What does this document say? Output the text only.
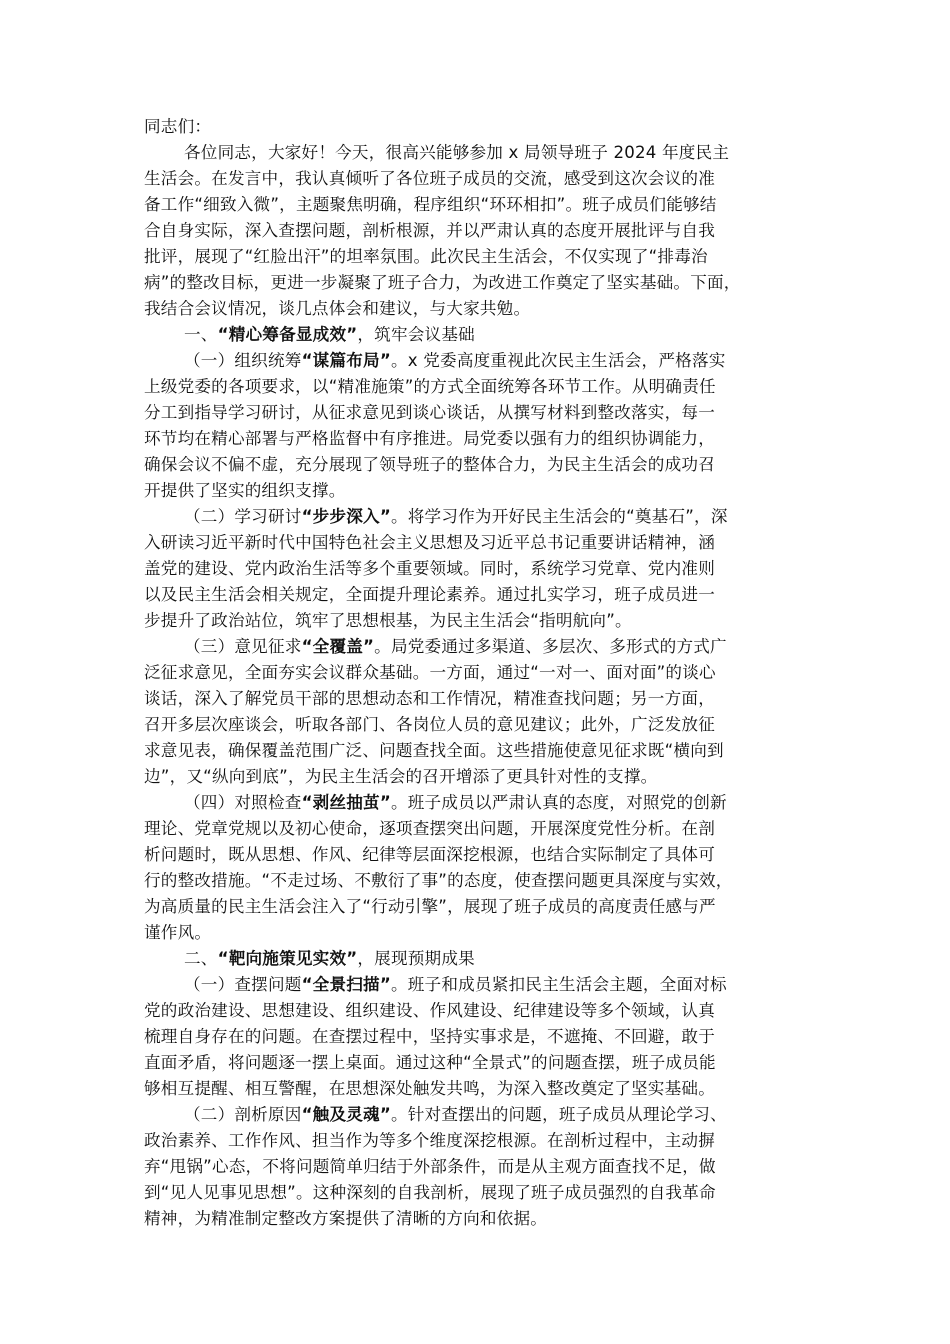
同志们：
各位同志，大家好！今天，很高兴能够参加 x 局领导班子 2024 年度民主
生活会。在发言中，我认真倾听了各位班子成员的交流，感受到这次会议的准
备工作“细致入微”，主题聚焦明确，程序组织“环环相扣”。班子成员们能够结
合自身实际，深入查摆问题，剖析根源，并以严肃认真的态度开展批评与自我
批评，展现了“红脸出汗”的坦率氛围。此次民主生活会，不仅实现了“排毒治
病”的整改目标，更进一步凝聚了班子合力，为改进工作奠定了坚实基础。下面，
我结合会议情况，谈几点体会和建议，与大家共勉。
一、“精心筹备显成效”，筑牢会议基础
（一）组织统筹“谋篇布局”。x 党委高度重视此次民主生活会，严格落实
上级党委的各项要求，以“精准施策”的方式全面统筹各环节工作。从明确责任
分工到指导学习研讨，从征求意见到谈心谈话，从撰写材料到整改落实，每一
环节均在精心部署与严格监督中有序推进。局党委以强有力的组织协调能力，
确保会议不偏不虚，充分展现了领导班子的整体合力，为民主生活会的成功召
开提供了坚实的组织支撑。
（二）学习研讨“步步深入”。将学习作为开好民主生活会的“奠基石”，深
入研读习近平新时代中国特色社会主义思想及习近平总书记重要讲话精神，涵
盖党的建设、党内政治生活等多个重要领域。同时，系统学习党章、党内准则
以及民主生活会相关规定，全面提升理论素养。通过扎实学习，班子成员进一
步提升了政治站位，筑牢了思想根基，为民主生活会“指明航向”。
（三）意见征求“全覆盖”。局党委通过多渠道、多层次、多形式的方式广
泛征求意见，全面夯实会议群众基础。一方面，通过“一对一、面对面”的谈心
谈话，深入了解党员干部的思想动态和工作情况，精准查找问题；另一方面，
召开多层次座谈会，听取各部门、各岗位人员的意见建议；此外，广泛发放征
求意见表，确保覆盖范围广泛、问题查找全面。这些措施使意见征求既“横向到
边”，又“纵向到底”，为民主生活会的召开增添了更具针对性的支撑。
（四）对照检查“剥丝抽茧”。班子成员以严肃认真的态度，对照党的创新
理论、党章党规以及初心使命，逐项查摆突出问题，开展深度党性分析。在剖
析问题时，既从思想、作风、纪律等层面深挖根源，也结合实际制定了具体可
行的整改措施。“不走过场、不敷衍了事”的态度，使查摆问题更具深度与实效，
为高质量的民主生活会注入了“行动引擎”，展现了班子成员的高度责任感与严
谨作风。
二、“靶向施策见实效”，展现预期成果
（一）查摆问题“全景扫描”。班子和成员紧扣民主生活会主题，全面对标
党的政治建设、思想建设、组织建设、作风建设、纪律建设等多个领域，认真
梳理自身存在的问题。在查摆过程中，坚持实事求是，不遮掩、不回避，敢于
直面矛盾，将问题逐一摆上桌面。通过这种“全景式”的问题查摆，班子成员能
够相互提醒、相互警醒，在思想深处触发共鸣，为深入整改奠定了坚实基础。
（二）剖析原因“触及灵魂”。针对查摆出的问题，班子成员从理论学习、
政治素养、工作作风、担当作为等多个维度深挖根源。在剖析过程中，主动摒
弃“甩锅”心态，不将问题简单归结于外部条件，而是从主观方面查找不足，做
到“见人见事见思想”。这种深刻的自我剖析，展现了班子成员强烈的自我革命
精神，为精准制定整改方案提供了清晰的方向和依据。
